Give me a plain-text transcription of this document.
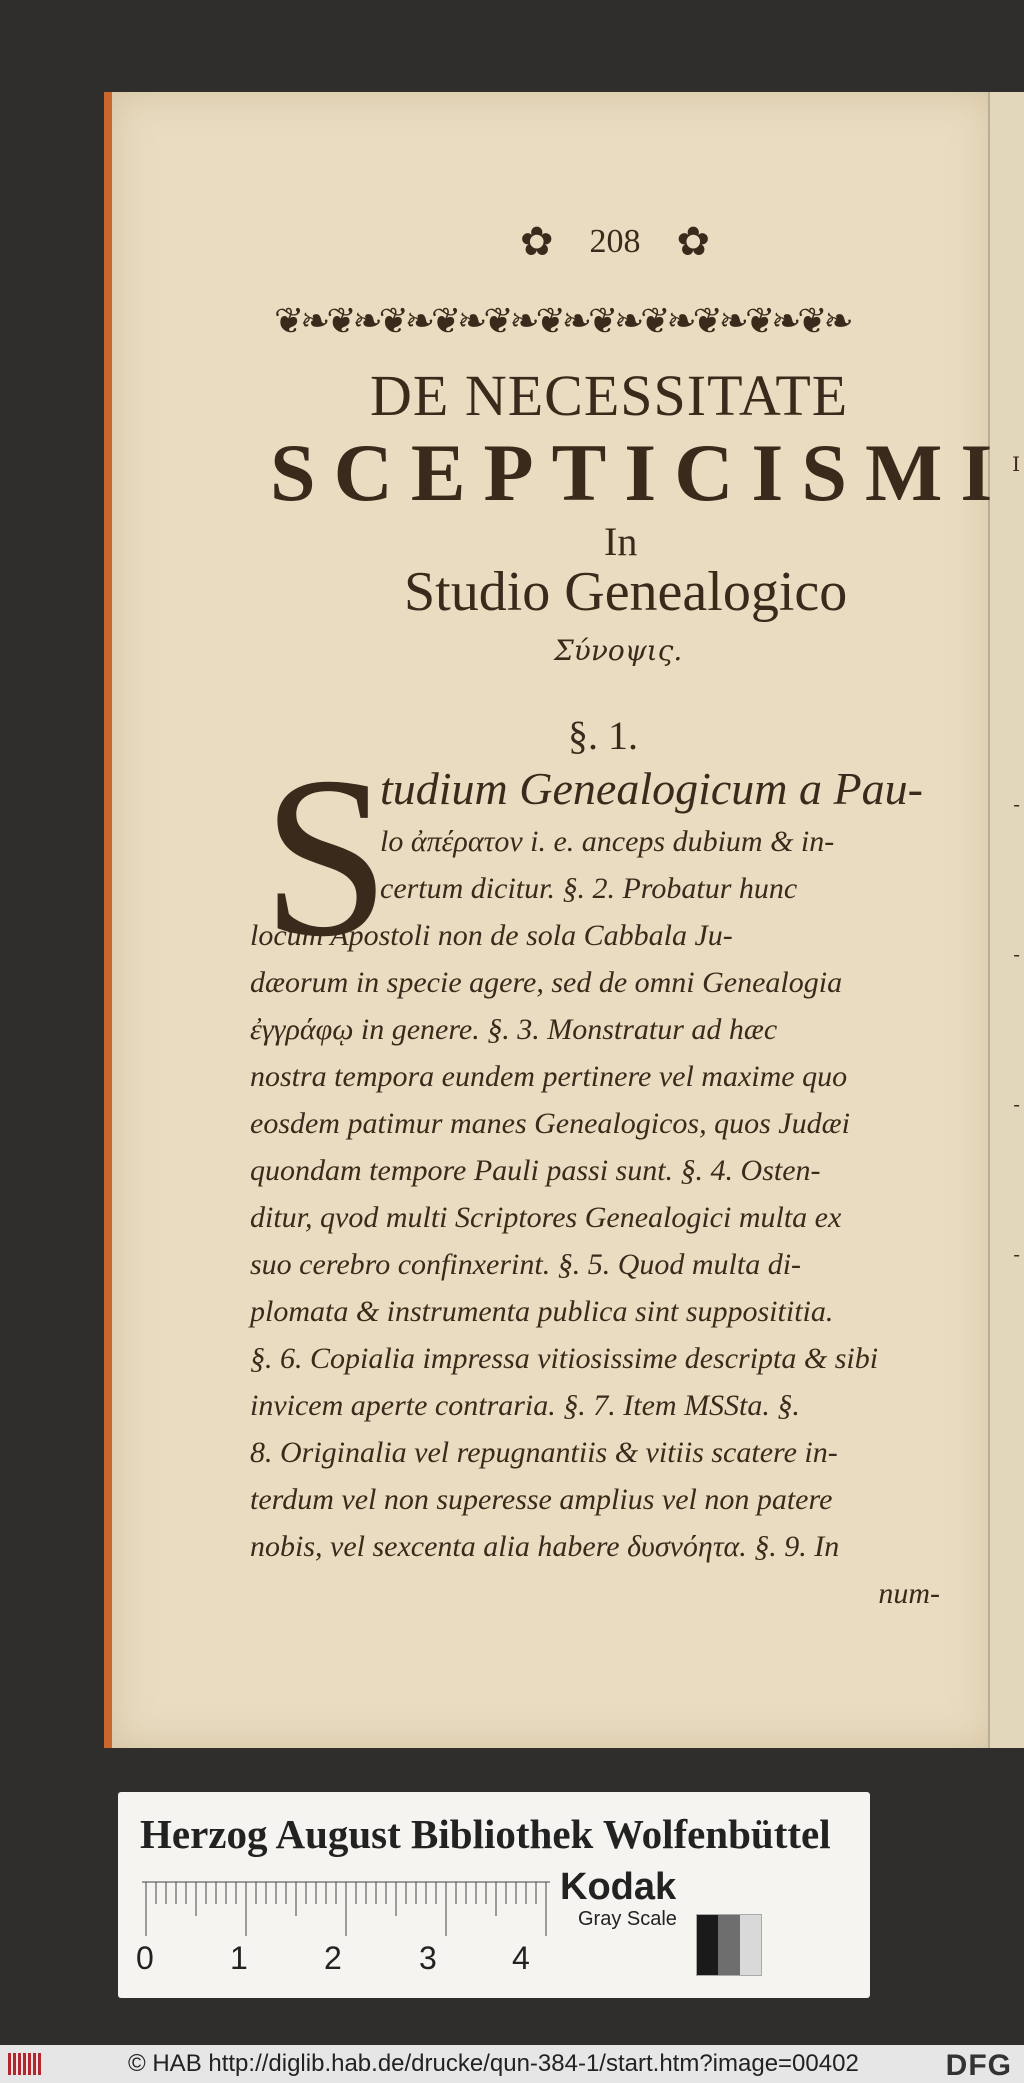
I
-
-
-
-
✿ 208 ✿
❦❧❦❧❦❧❦❧❦❧❦❧❦❧❦❧❦❧❦❧❦❧
DE NECESSITATE
SCEPTICISMI
In
Studio Genealogico
Σύνοψις.
§. 1.
S
tudium Genealogicum a Pau-
lo ἀπέρατον i. e. anceps dubium & in-
certum dicitur. §. 2. Probatur hunc
locum Apostoli non de sola Cabbala Ju-
dæorum in specie agere, sed de omni Genealogia
ἐγγράφῳ in genere. §. 3. Monstratur ad hæc
nostra tempora eundem pertinere vel maxime quo
eosdem patimur manes Genealogicos, quos Judæi
quondam tempore Pauli passi sunt. §. 4. Osten-
ditur, qvod multi Scriptores Genealogici multa ex
suo cerebro confinxerint. §. 5. Quod multa di-
plomata & instrumenta publica sint supposititia.
§. 6. Copialia impressa vitiosissime descripta & sibi
invicem aperte contraria. §. 7. Item MSSta. §.
8. Originalia vel repugnantiis & vitiis scatere in-
terdum vel non superesse amplius vel non patere
nobis, vel sexcenta alia habere δυσνόητα. §. 9. In
num-
Herzog August Bibliothek Wolfenbüttel
0 1 2 3 4
Kodak
Gray Scale
© HAB http://diglib.hab.de/drucke/qun-384-1/start.htm?image=00402	DFG
